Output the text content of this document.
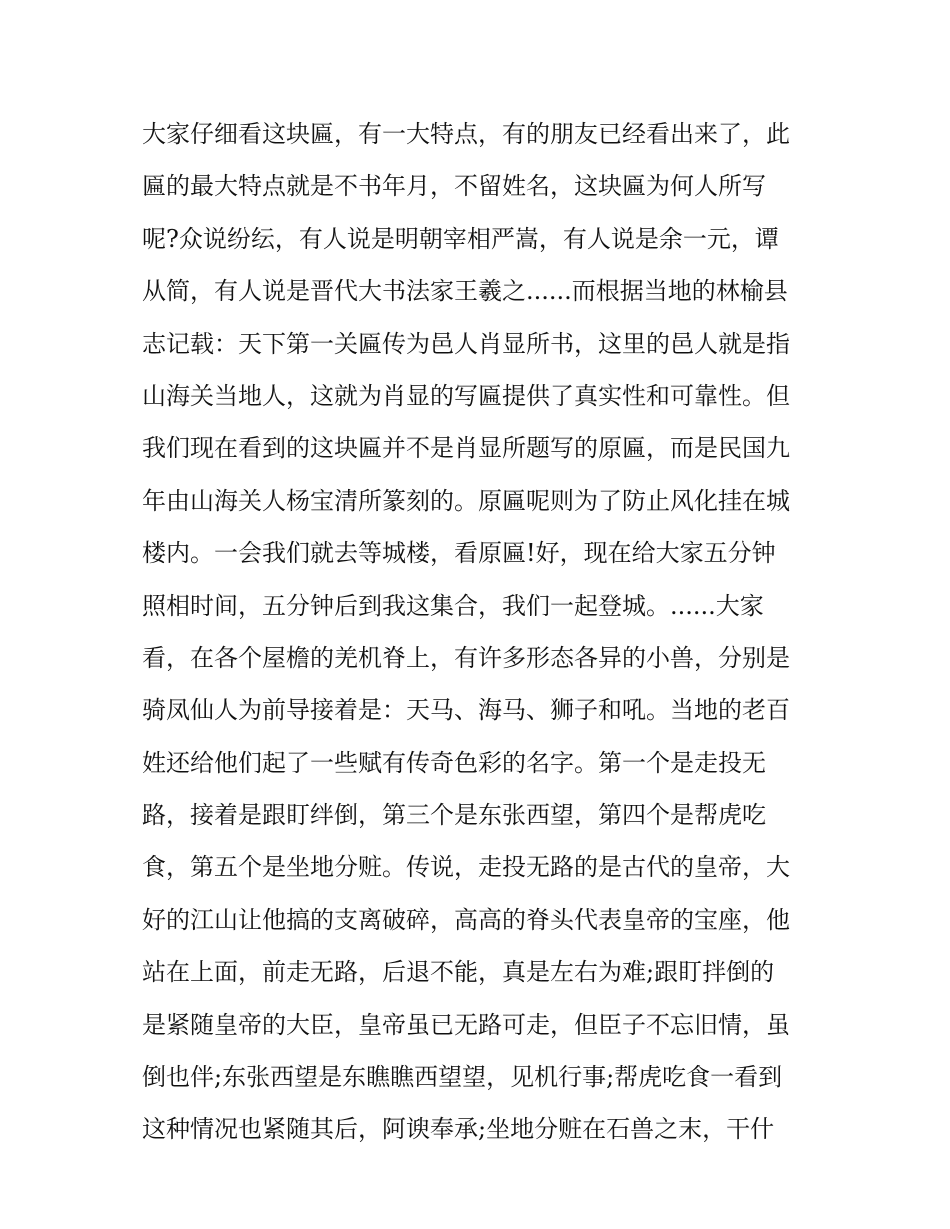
大家仔细看这块匾，有一大特点，有的朋友已经看出来了，此
匾的最大特点就是不书年月，不留姓名，这块匾为何人所写
呢?众说纷纭，有人说是明朝宰相严嵩，有人说是余一元，谭
从简，有人说是晋代大书法家王羲之......而根据当地的林榆县
志记载：天下第一关匾传为邑人肖显所书，这里的邑人就是指
山海关当地人，这就为肖显的写匾提供了真实性和可靠性。但
我们现在看到的这块匾并不是肖显所题写的原匾，而是民国九
年由山海关人杨宝清所篆刻的。原匾呢则为了防止风化挂在城
楼内。一会我们就去等城楼，看原匾!好，现在给大家五分钟
照相时间，五分钟后到我这集合，我们一起登城。......大家
看，在各个屋檐的羌机脊上，有许多形态各异的小兽，分别是
骑凤仙人为前导接着是：天马、海马、狮子和吼。当地的老百
姓还给他们起了一些赋有传奇色彩的名字。第一个是走投无
路，接着是跟盯绊倒，第三个是东张西望，第四个是帮虎吃
食，第五个是坐地分赃。传说，走投无路的是古代的皇帝，大
好的江山让他搞的支离破碎，高高的脊头代表皇帝的宝座，他
站在上面，前走无路，后退不能，真是左右为难;跟盯拌倒的
是紧随皇帝的大臣，皇帝虽已无路可走，但臣子不忘旧情，虽
倒也伴;东张西望是东瞧瞧西望望，见机行事;帮虎吃食一看到
这种情况也紧随其后，阿谀奉承;坐地分赃在石兽之末，干什
